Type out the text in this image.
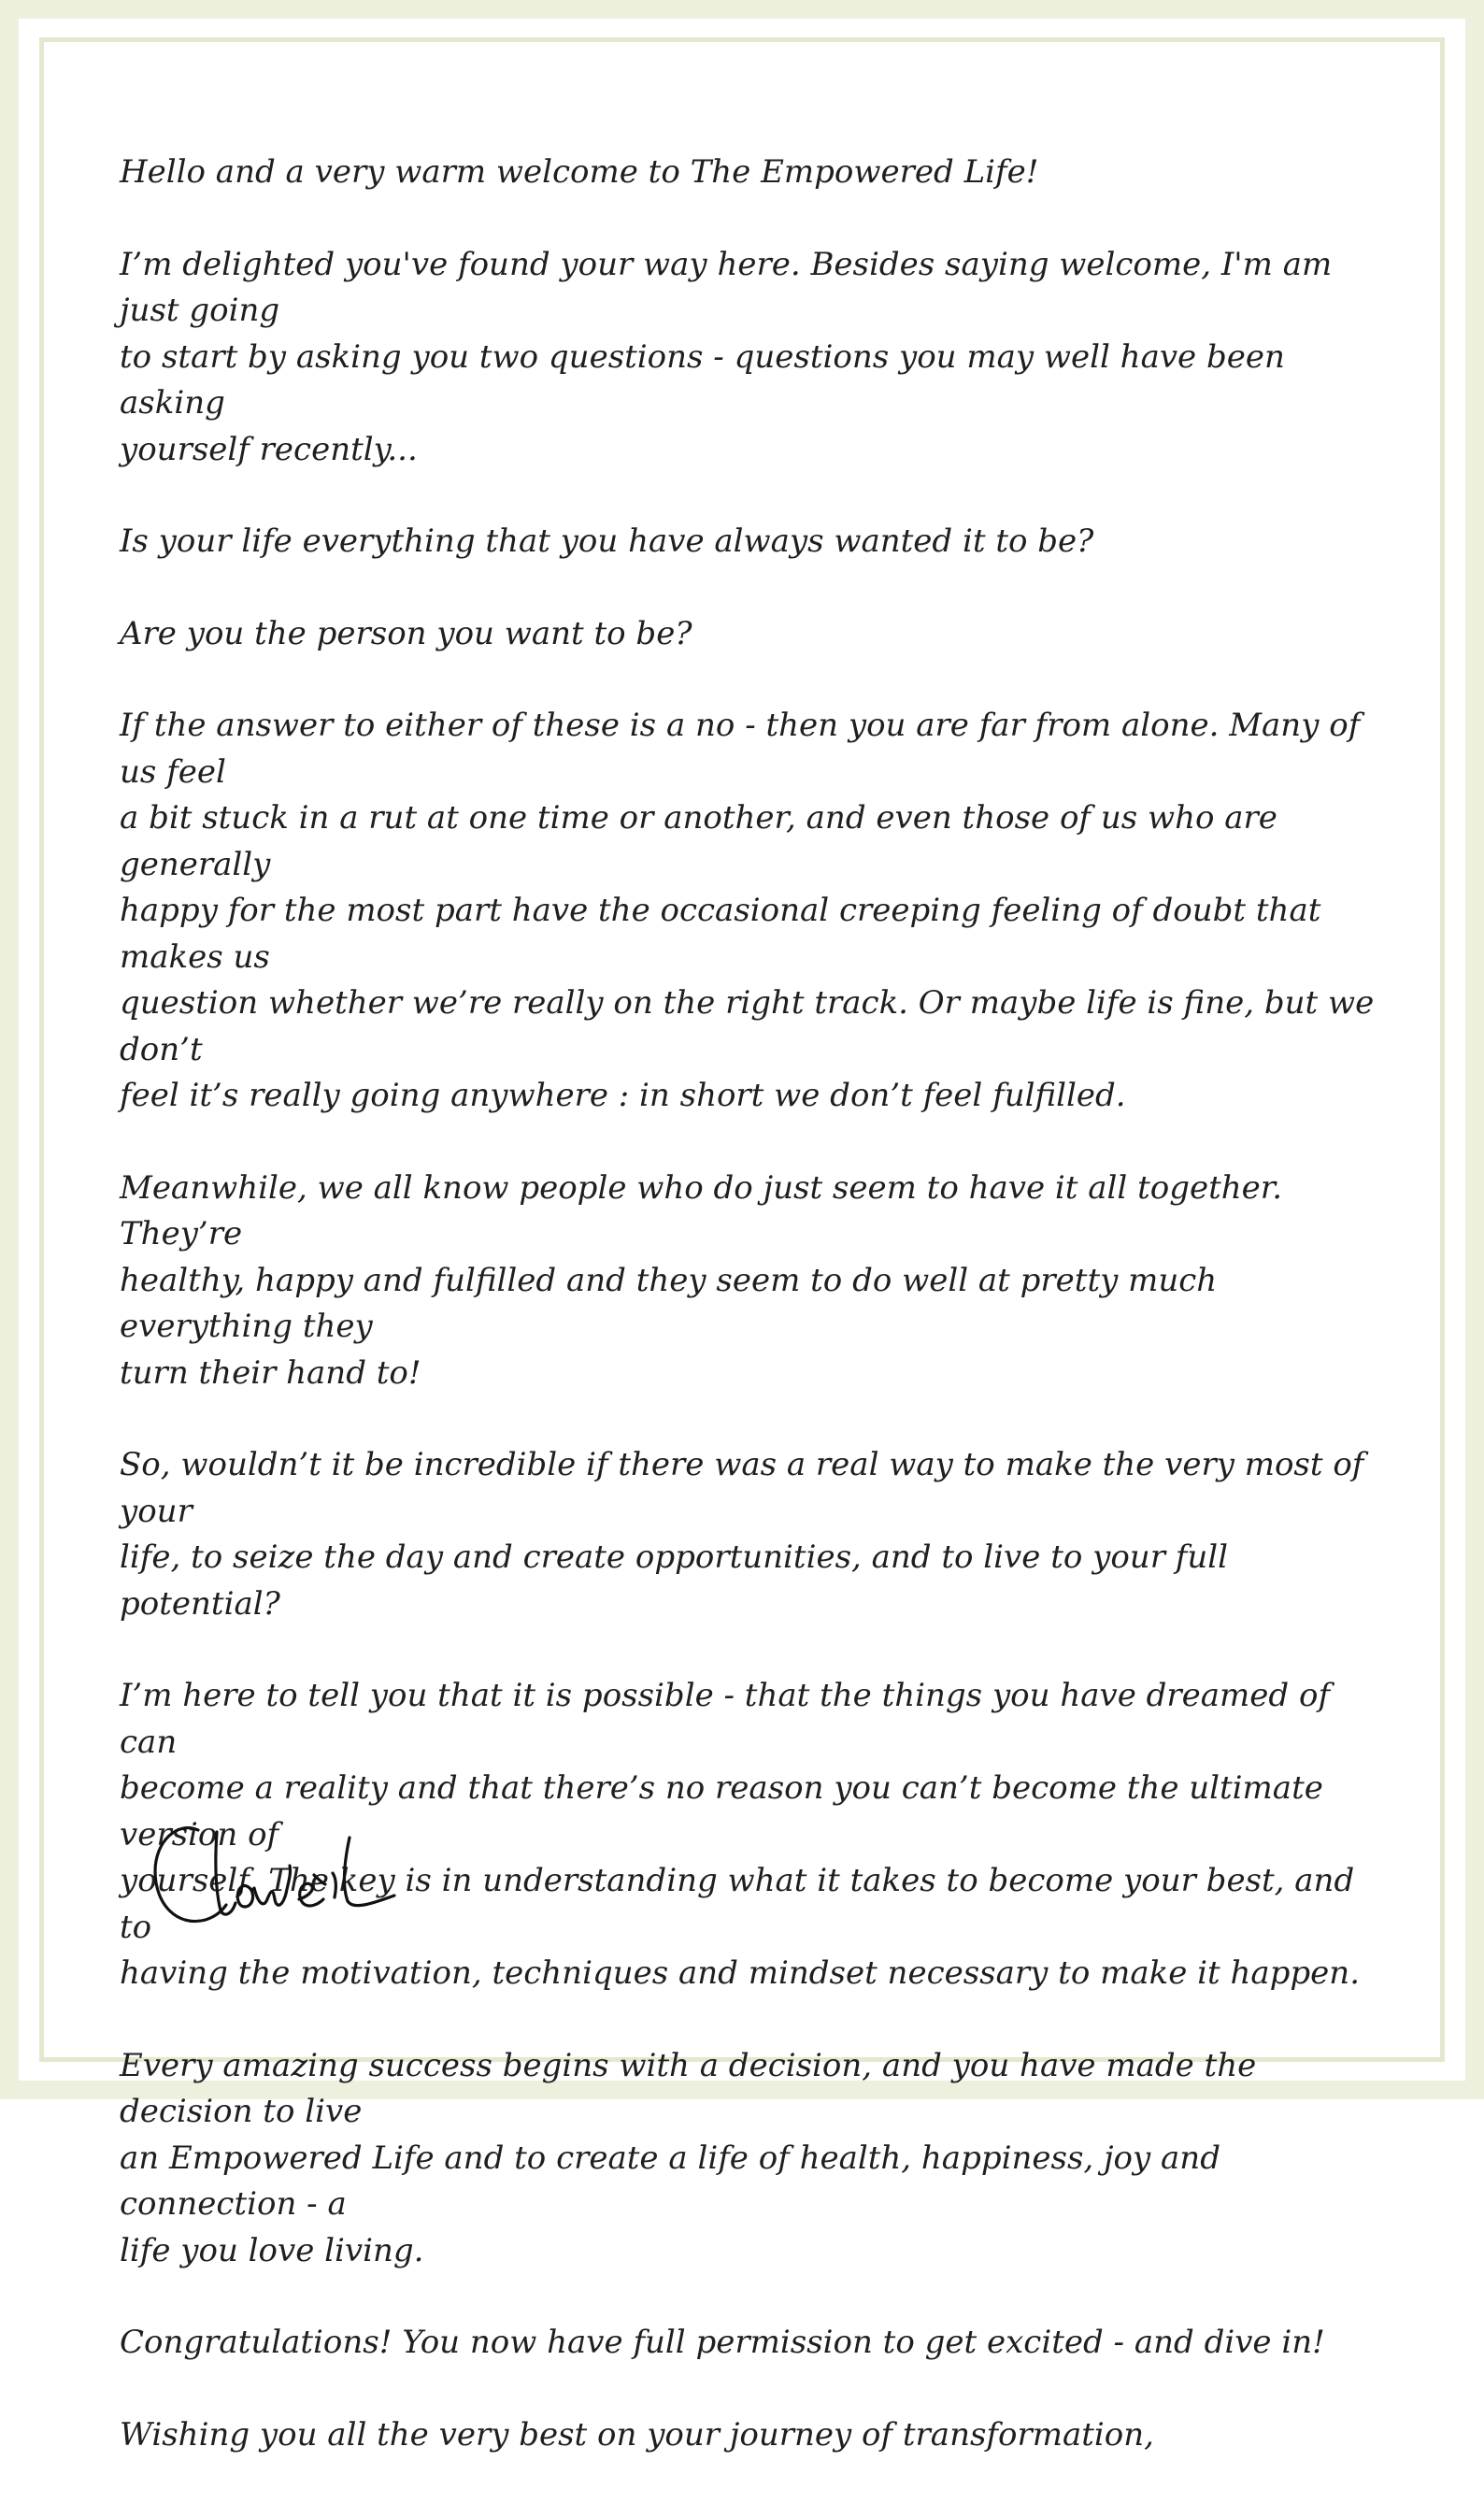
Hello and a very warm welcome to The Empowered Life!

I’m delighted you've found your way here. Besides saying welcome, I'm am just going
to start by asking you two questions - questions you may well have been asking
yourself recently...

Is your life everything that you have always wanted it to be?

Are you the person you want to be?

If the answer to either of these is a no - then you are far from alone. Many of us feel
a bit stuck in a rut at one time or another, and even those of us who are generally
happy for the most part have the occasional creeping feeling of doubt that makes us
question whether we’re really on the right track. Or maybe life is fine, but we don’t
feel it’s really going anywhere : in short we don’t feel fulfilled.

Meanwhile, we all know people who do just seem to have it all together. They’re
healthy, happy and fulfilled and they seem to do well at pretty much everything they
turn their hand to!

So, wouldn’t it be incredible if there was a real way to make the very most of your
life, to seize the day and create opportunities, and to live to your full potential?

I’m here to tell you that it is possible - that the things you have dreamed of can
become a reality and that there’s no reason you can’t become the ultimate version of
yourself. The key is in understanding what it takes to become your best, and to
having the motivation, techniques and mindset necessary to make it happen.

Every amazing success begins with a decision, and you have made the decision to live
an Empowered Life and to create a life of health, happiness, joy and connection - a
life you love living.

Congratulations! You now have full permission to get excited - and dive in!

Wishing you all the very best on your journey of transformation,
